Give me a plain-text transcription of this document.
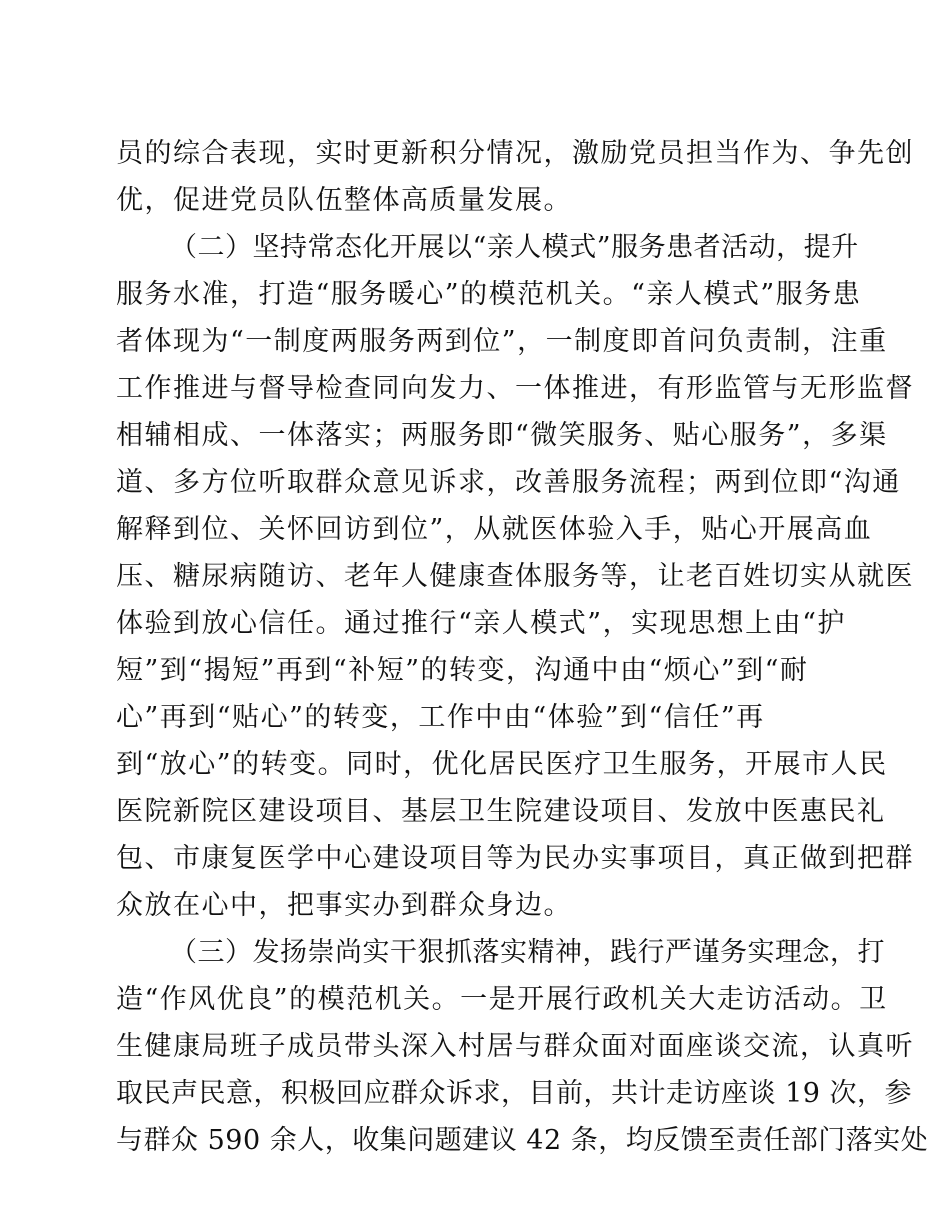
员的综合表现，实时更新积分情况，激励党员担当作为、争先创
优，促进党员队伍整体高质量发展。
（二）坚持常态化开展以“亲人模式”服务患者活动，提升
服务水准，打造“服务暖心”的模范机关。“亲人模式”服务患
者体现为“一制度两服务两到位”，一制度即首问负责制，注重
工作推进与督导检查同向发力、一体推进，有形监管与无形监督
相辅相成、一体落实；两服务即“微笑服务、贴心服务”，多渠
道、多方位听取群众意见诉求，改善服务流程；两到位即“沟通
解释到位、关怀回访到位”，从就医体验入手，贴心开展高血
压、糖尿病随访、老年人健康查体服务等，让老百姓切实从就医
体验到放心信任。通过推行“亲人模式”，实现思想上由“护
短”到“揭短”再到“补短”的转变，沟通中由“烦心”到“耐
心”再到“贴心”的转变，工作中由“体验”到“信任”再
到“放心”的转变。同时，优化居民医疗卫生服务，开展市人民
医院新院区建设项目、基层卫生院建设项目、发放中医惠民礼
包、市康复医学中心建设项目等为民办实事项目，真正做到把群
众放在心中，把事实办到群众身边。
（三）发扬崇尚实干狠抓落实精神，践行严谨务实理念，打
造“作风优良”的模范机关。一是开展行政机关大走访活动。卫
生健康局班子成员带头深入村居与群众面对面座谈交流，认真听
取民声民意，积极回应群众诉求，目前，共计走访座谈 19 次，参
与群众 590 余人，收集问题建议 42 条，均反馈至责任部门落实处
